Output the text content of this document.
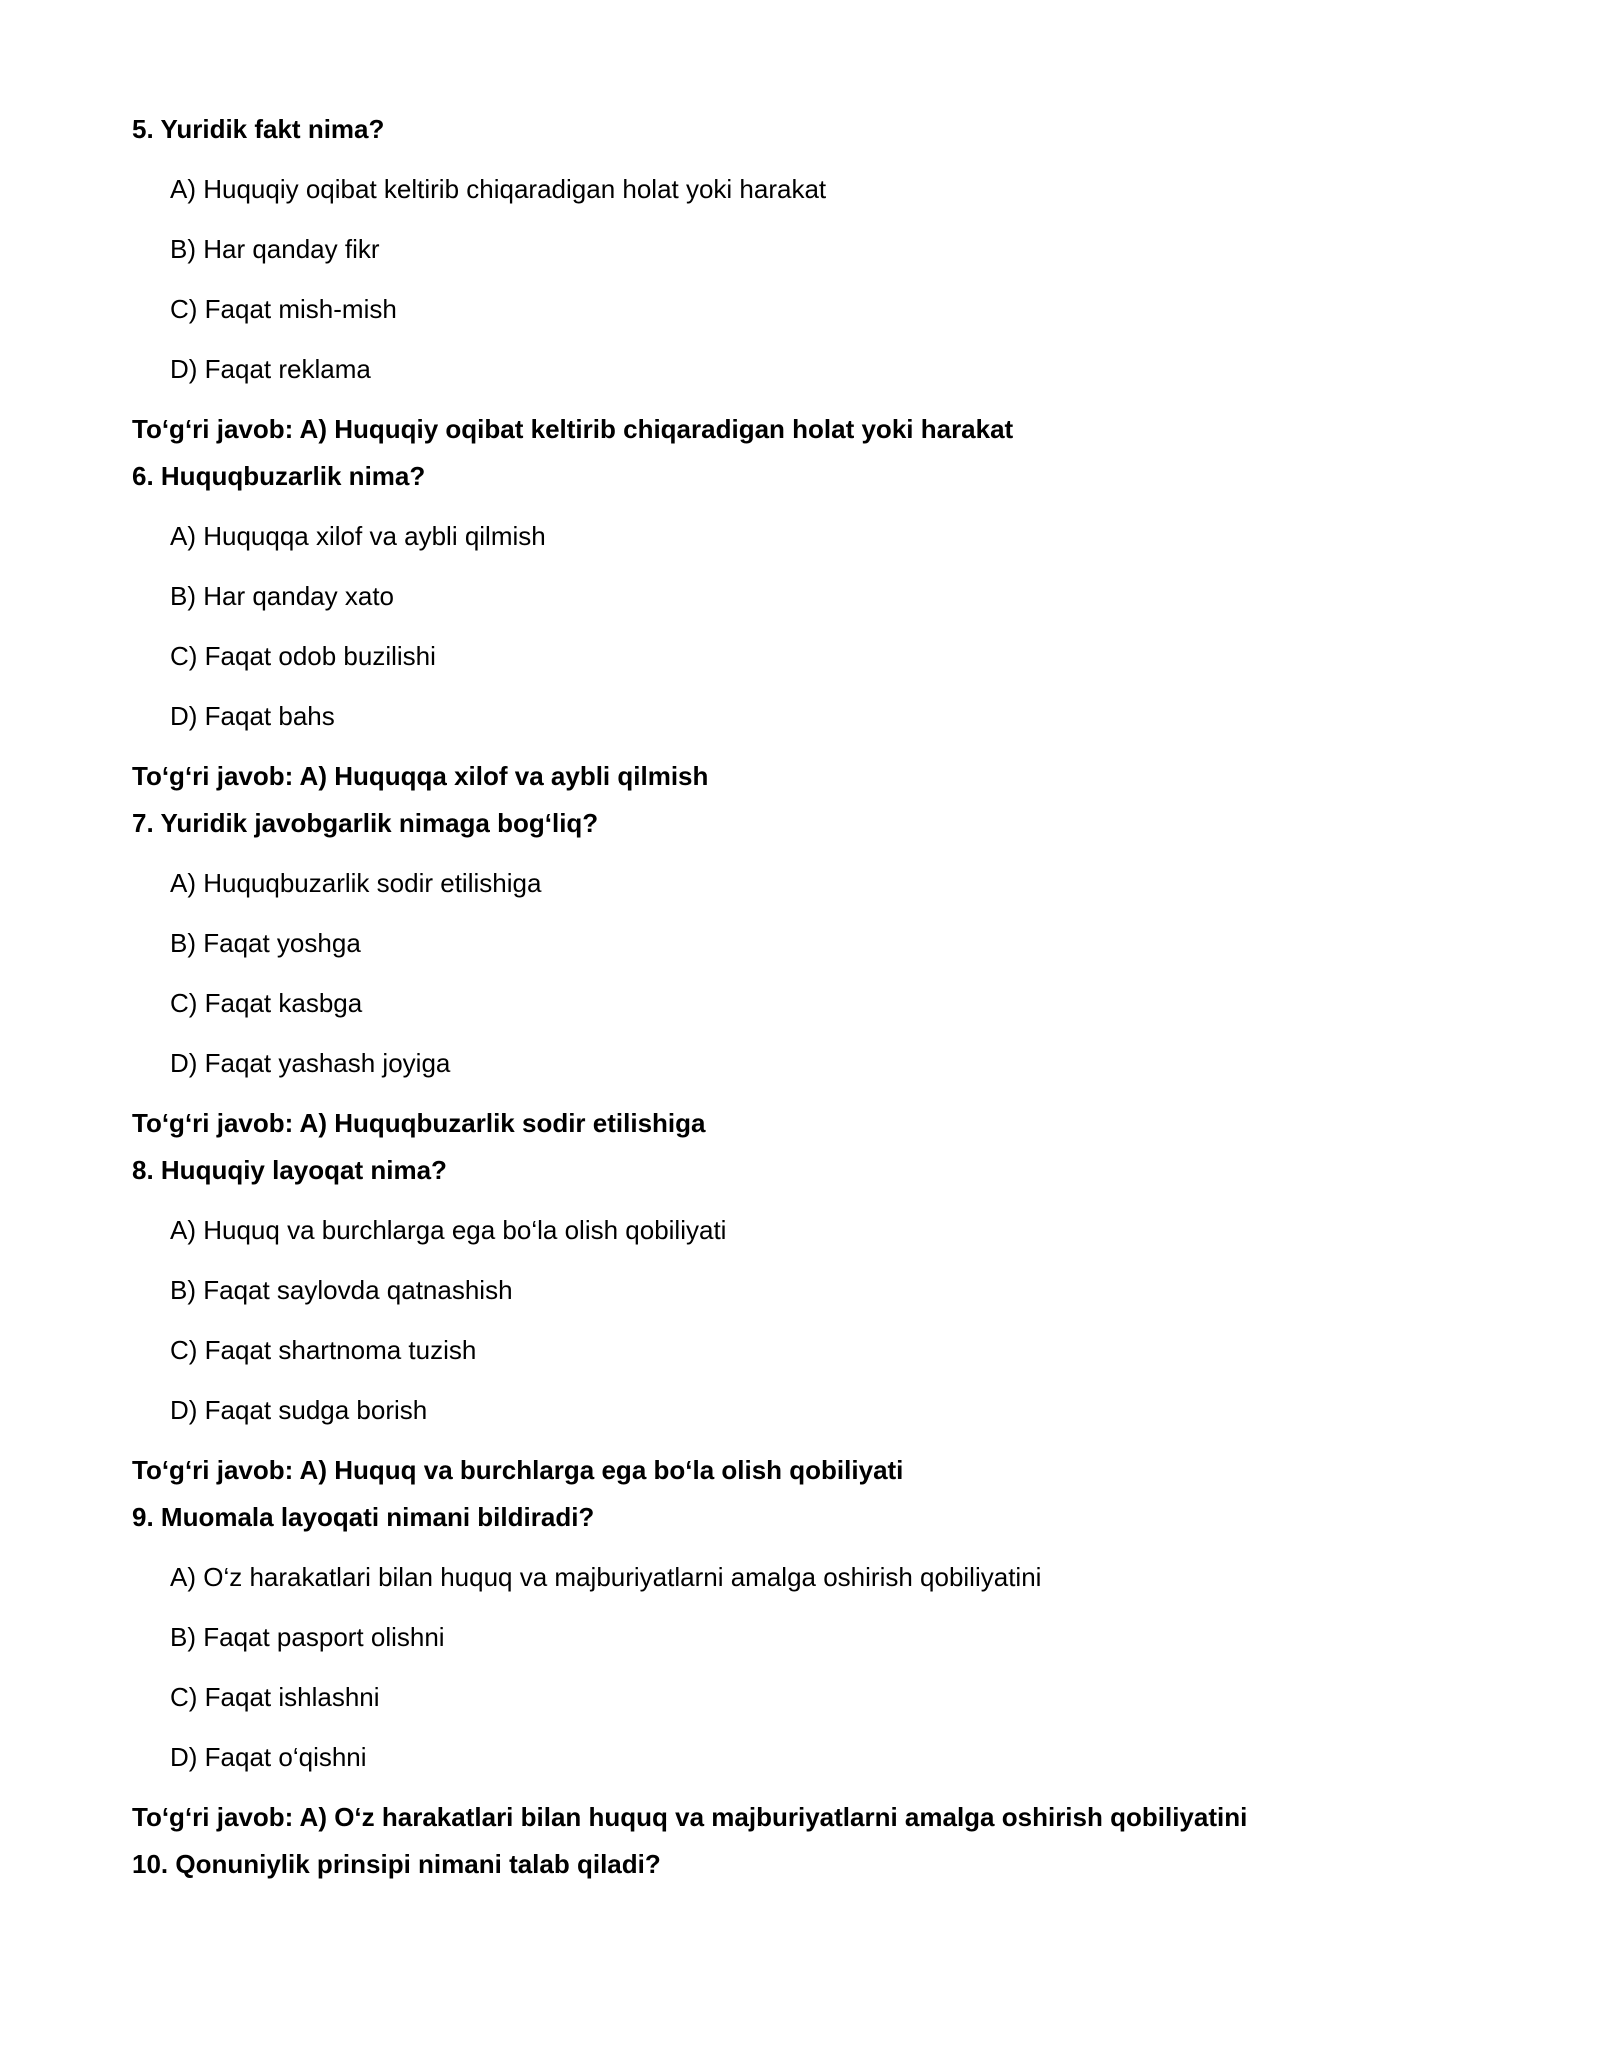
5. Yuridik fakt nima?
A) Huquqiy oqibat keltirib chiqaradigan holat yoki harakat
B) Har qanday fikr
C) Faqat mish-mish
D) Faqat reklama
To‘g‘ri javob: A) Huquqiy oqibat keltirib chiqaradigan holat yoki harakat
6. Huquqbuzarlik nima?
A) Huquqqa xilof va aybli qilmish
B) Har qanday xato
C) Faqat odob buzilishi
D) Faqat bahs
To‘g‘ri javob: A) Huquqqa xilof va aybli qilmish
7. Yuridik javobgarlik nimaga bog‘liq?
A) Huquqbuzarlik sodir etilishiga
B) Faqat yoshga
C) Faqat kasbga
D) Faqat yashash joyiga
To‘g‘ri javob: A) Huquqbuzarlik sodir etilishiga
8. Huquqiy layoqat nima?
A) Huquq va burchlarga ega bo‘la olish qobiliyati
B) Faqat saylovda qatnashish
C) Faqat shartnoma tuzish
D) Faqat sudga borish
To‘g‘ri javob: A) Huquq va burchlarga ega bo‘la olish qobiliyati
9. Muomala layoqati nimani bildiradi?
A) O‘z harakatlari bilan huquq va majburiyatlarni amalga oshirish qobiliyatini
B) Faqat pasport olishni
C) Faqat ishlashni
D) Faqat o‘qishni
To‘g‘ri javob: A) O‘z harakatlari bilan huquq va majburiyatlarni amalga oshirish qobiliyatini
10. Qonuniylik prinsipi nimani talab qiladi?
